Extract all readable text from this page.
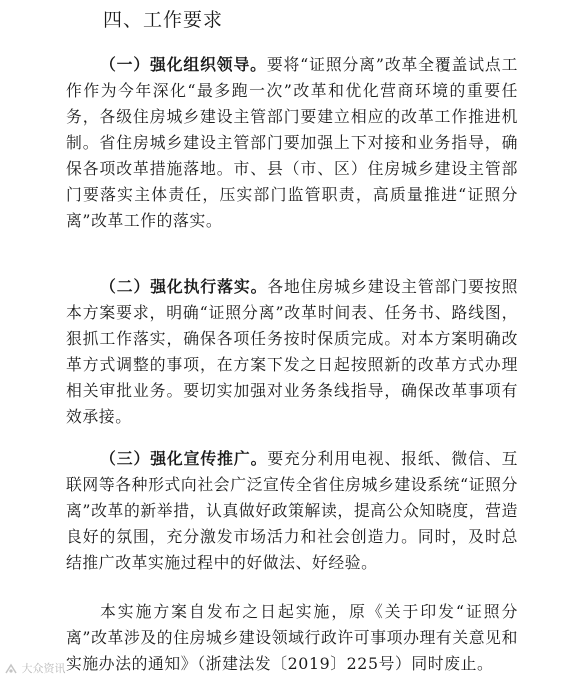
四、工作要求

（一）强化组织领导。要将“证照分离”改革全覆盖试点工作作为今年深化“最多跑一次”改革和优化营商环境的重要任务，各级住房城乡建设主管部门要建立相应的改革工作推进机制。省住房城乡建设主管部门要加强上下对接和业务指导，确保各项改革措施落地。市、县（市、区）住房城乡建设主管部门要落实主体责任，压实部门监管职责，高质量推进“证照分离”改革工作的落实。

（二）强化执行落实。各地住房城乡建设主管部门要按照本方案要求，明确“证照分离”改革时间表、任务书、路线图，狠抓工作落实，确保各项任务按时保质完成。对本方案明确改革方式调整的事项，在方案下发之日起按照新的改革方式办理相关审批业务。要切实加强对业务条线指导，确保改革事项有效承接。

（三）强化宣传推广。要充分利用电视、报纸、微信、互联网等各种形式向社会广泛宣传全省住房城乡建设系统“证照分离”改革的新举措，认真做好政策解读，提高公众知晓度，营造良好的氛围，充分激发市场活力和社会创造力。同时，及时总结推广改革实施过程中的好做法、好经验。

本实施方案自发布之日起实施，原《关于印发“证照分离”改革涉及的住房城乡建设领域行政许可事项办理有关意见和实施办法的通知》（浙建法发〔2019〕225号）同时废止。

大众资讯
